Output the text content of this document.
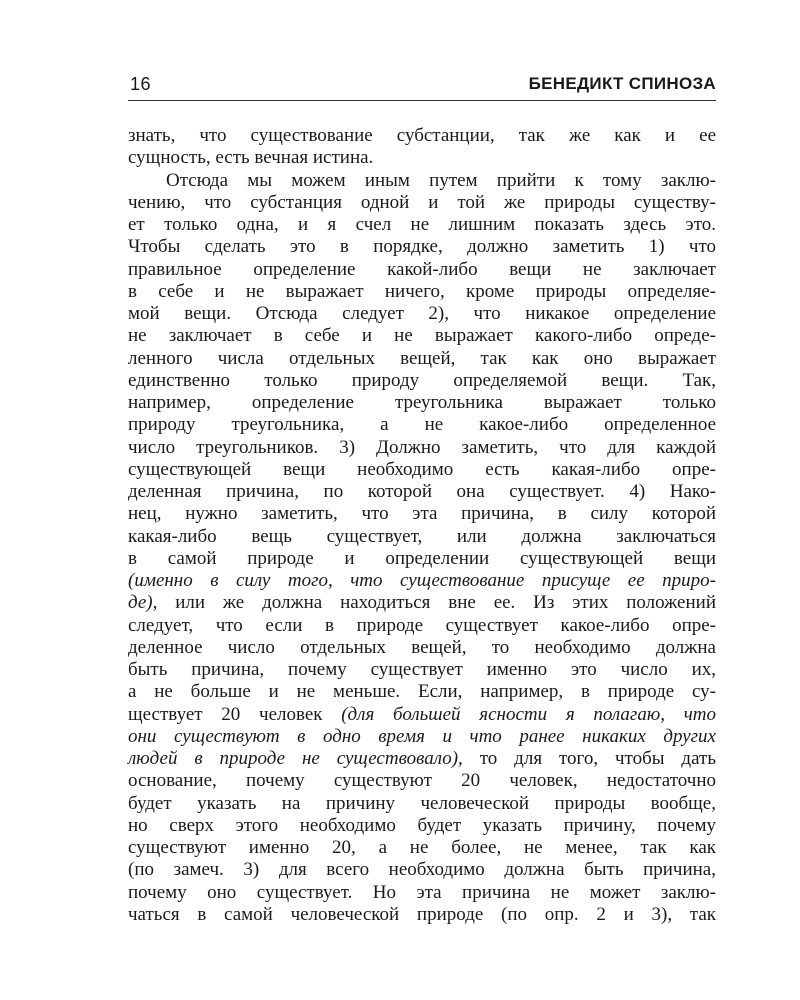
16	БЕНЕДИКТ СПИНОЗА
знать, что существование субстанции, так же как и ее
сущность, есть вечная истина.
Отсюда мы можем иным путем прийти к тому заклю-
чению, что субстанция одной и той же природы существу-
ет только одна, и я счел не лишним показать здесь это.
Чтобы сделать это в порядке, должно заметить 1) что
правильное определение какой-либо вещи не заключает
в себе и не выражает ничего, кроме природы определяе-
мой вещи. Отсюда следует 2), что никакое определение
не заключает в себе и не выражает какого-либо опреде-
ленного числа отдельных вещей, так как оно выражает
единственно только природу определяемой вещи. Так,
например, определение треугольника выражает только
природу треугольника, а не какое-либо определенное
число треугольников. 3) Должно заметить, что для каждой
существующей вещи необходимо есть какая-либо опре-
деленная причина, по которой она существует. 4) Нако-
нец, нужно заметить, что эта причина, в силу которой
какая-либо вещь существует, или должна заключаться
в самой природе и определении существующей вещи
(именно в силу того, что существование присуще ее приро-
де), или же должна находиться вне ее. Из этих положений
следует, что если в природе существует какое-либо опре-
деленное число отдельных вещей, то необходимо должна
быть причина, почему существует именно это число их,
а не больше и не меньше. Если, например, в природе су-
ществует 20 человек (для большей ясности я полагаю, что
они существуют в одно время и что ранее никаких других
людей в природе не существовало), то для того, чтобы дать
основание, почему существуют 20 человек, недостаточно
будет указать на причину человеческой природы вообще,
но сверх этого необходимо будет указать причину, почему
существуют именно 20, а не более, не менее, так как
(по замеч. 3) для всего необходимо должна быть причина,
почему оно существует. Но эта причина не может заклю-
чаться в самой человеческой природе (по опр. 2 и 3), так
